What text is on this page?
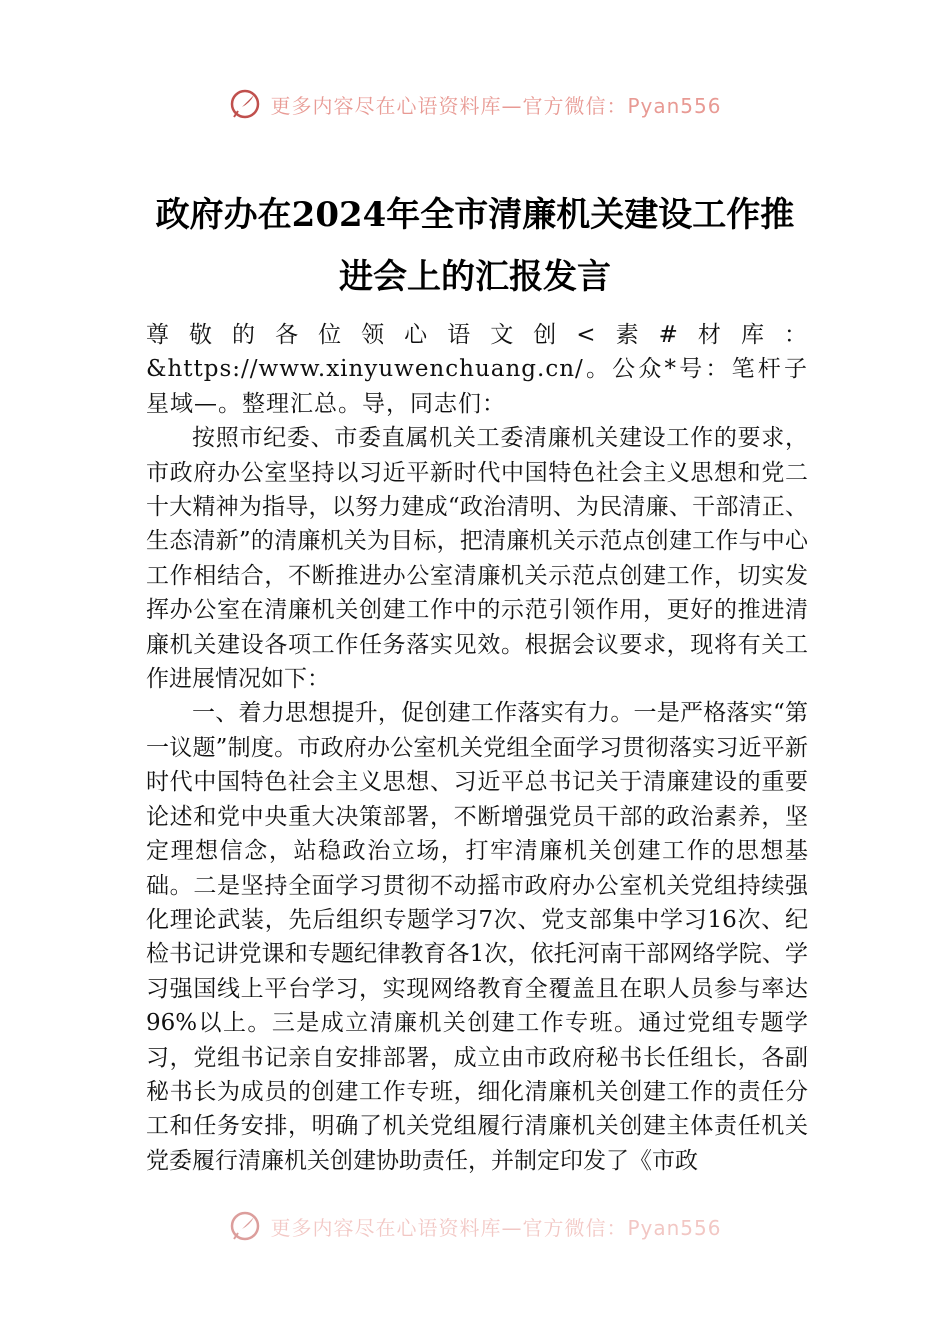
更多内容尽在心语资料库—官方微信：Pyan556
政府办在2024年全市清廉机关建设工作推
进会上的汇报发言

尊敬的各位领心语文创<素#材库：&https://www.xinyuwenchuang.cn/。公众*号：笔杆子星域—。整理汇总。导，同志们：

按照市纪委、市委直属机关工委清廉机关建设工作的要求，市政府办公室坚持以习近平新时代中国特色社会主义思想和党二十大精神为指导，以努力建成“政治清明、为民清廉、干部清正、生态清新”的清廉机关为目标，把清廉机关示范点创建工作与中心工作相结合，不断推进办公室清廉机关示范点创建工作，切实发挥办公室在清廉机关创建工作中的示范引领作用，更好的推进清廉机关建设各项工作任务落实见效。根据会议要求，现将有关工作进展情况如下：

一、着力思想提升，促创建工作落实有力。一是严格落实“第一议题”制度。市政府办公室机关党组全面学习贯彻落实习近平新时代中国特色社会主义思想、习近平总书记关于清廉建设的重要论述和党中央重大决策部署，不断增强党员干部的政治素养，坚定理想信念，站稳政治立场，打牢清廉机关创建工作的思想基础。二是坚持全面学习贯彻不动摇市政府办公室机关党组持续强化理论武装，先后组织专题学习7次、党支部集中学习16次、纪检书记讲党课和专题纪律教育各1次，依托河南干部网络学院、学习强国线上平台学习，实现网络教育全覆盖且在职人员参与率达96%以上。三是成立清廉机关创建工作专班。通过党组专题学习，党组书记亲自安排部署，成立由市政府秘书长任组长，各副秘书长为成员的创建工作专班，细化清廉机关创建工作的责任分工和任务安排，明确了机关党组履行清廉机关创建主体责任机关党委履行清廉机关创建协助责任，并制定印发了《市政

更多内容尽在心语资料库—官方微信：Pyan556
